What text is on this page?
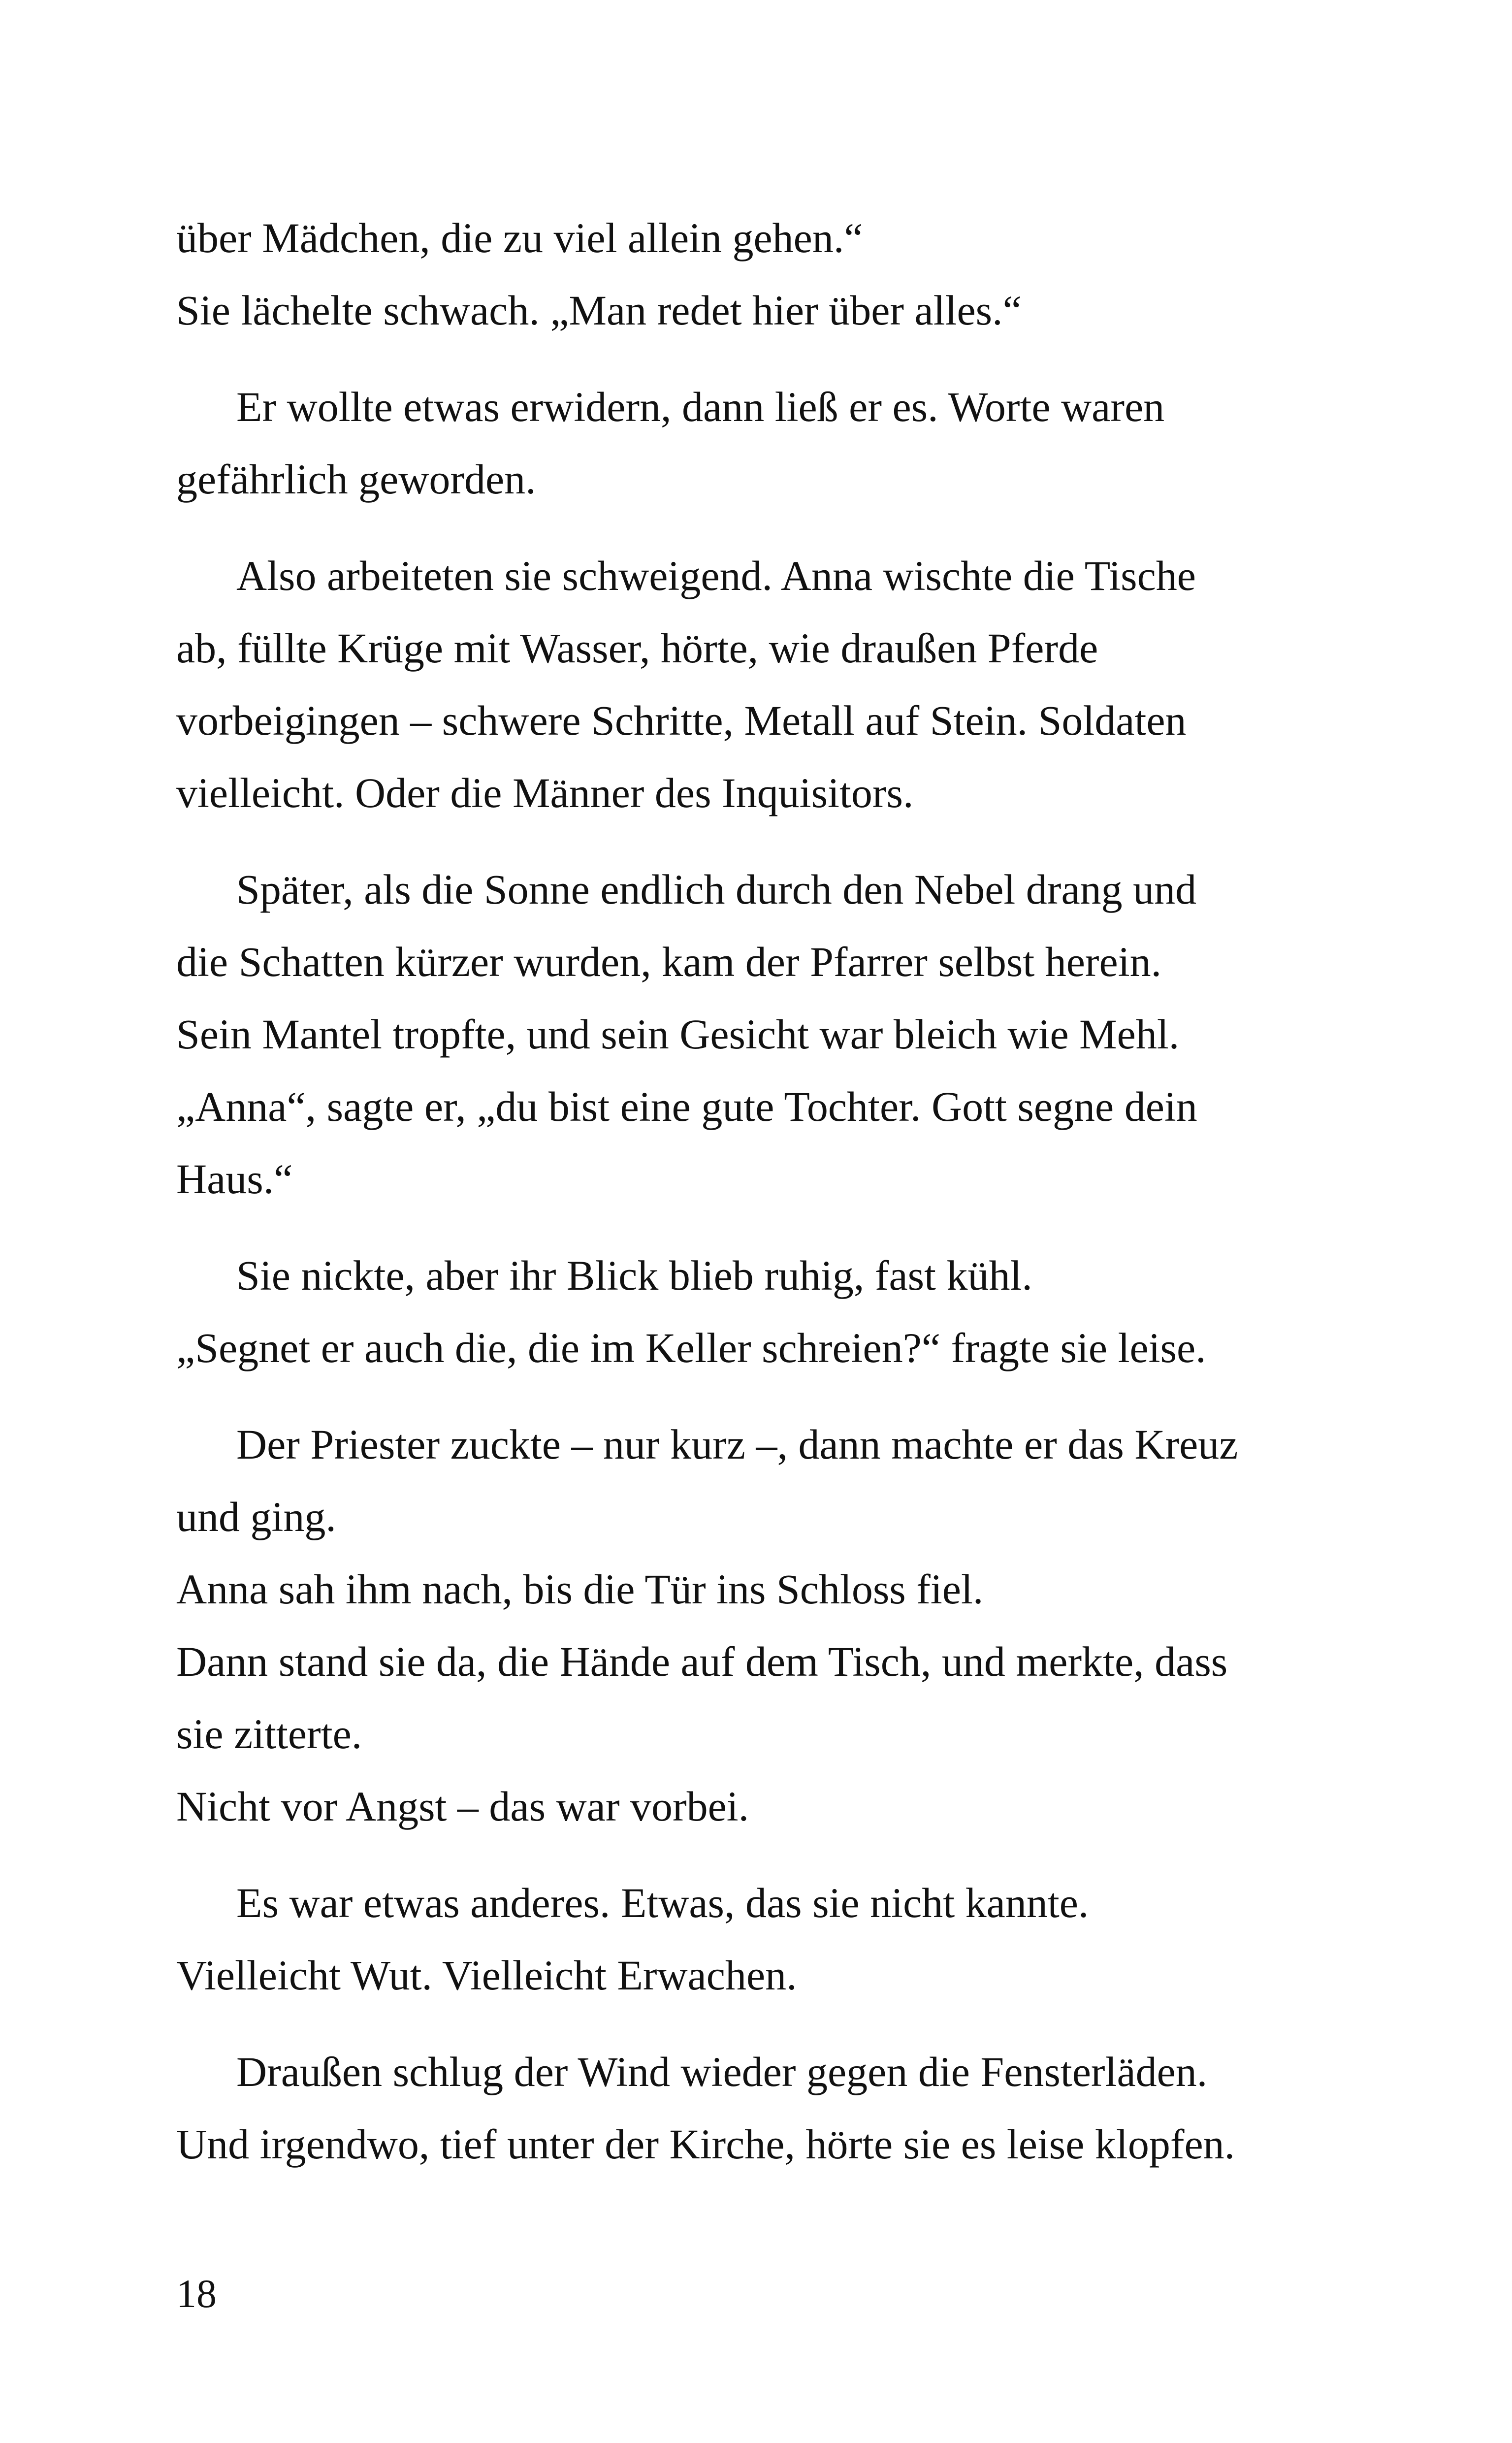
über Mädchen, die zu viel allein gehen.“
Sie lächelte schwach. „Man redet hier über alles.“

Er wollte etwas erwidern, dann ließ er es. Worte waren
gefährlich geworden.

Also arbeiteten sie schweigend. Anna wischte die Tische
ab, füllte Krüge mit Wasser, hörte, wie draußen Pferde
vorbeigingen – schwere Schritte, Metall auf Stein. Soldaten
vielleicht. Oder die Männer des Inquisitors.

Später, als die Sonne endlich durch den Nebel drang und
die Schatten kürzer wurden, kam der Pfarrer selbst herein.
Sein Mantel tropfte, und sein Gesicht war bleich wie Mehl.
„Anna“, sagte er, „du bist eine gute Tochter. Gott segne dein
Haus.“

Sie nickte, aber ihr Blick blieb ruhig, fast kühl.
„Segnet er auch die, die im Keller schreien?“ fragte sie leise.

Der Priester zuckte – nur kurz –, dann machte er das Kreuz
und ging.
Anna sah ihm nach, bis die Tür ins Schloss fiel.
Dann stand sie da, die Hände auf dem Tisch, und merkte, dass
sie zitterte.
Nicht vor Angst – das war vorbei.

Es war etwas anderes. Etwas, das sie nicht kannte.
Vielleicht Wut. Vielleicht Erwachen.

Draußen schlug der Wind wieder gegen die Fensterläden.
Und irgendwo, tief unter der Kirche, hörte sie es leise klopfen.

18
